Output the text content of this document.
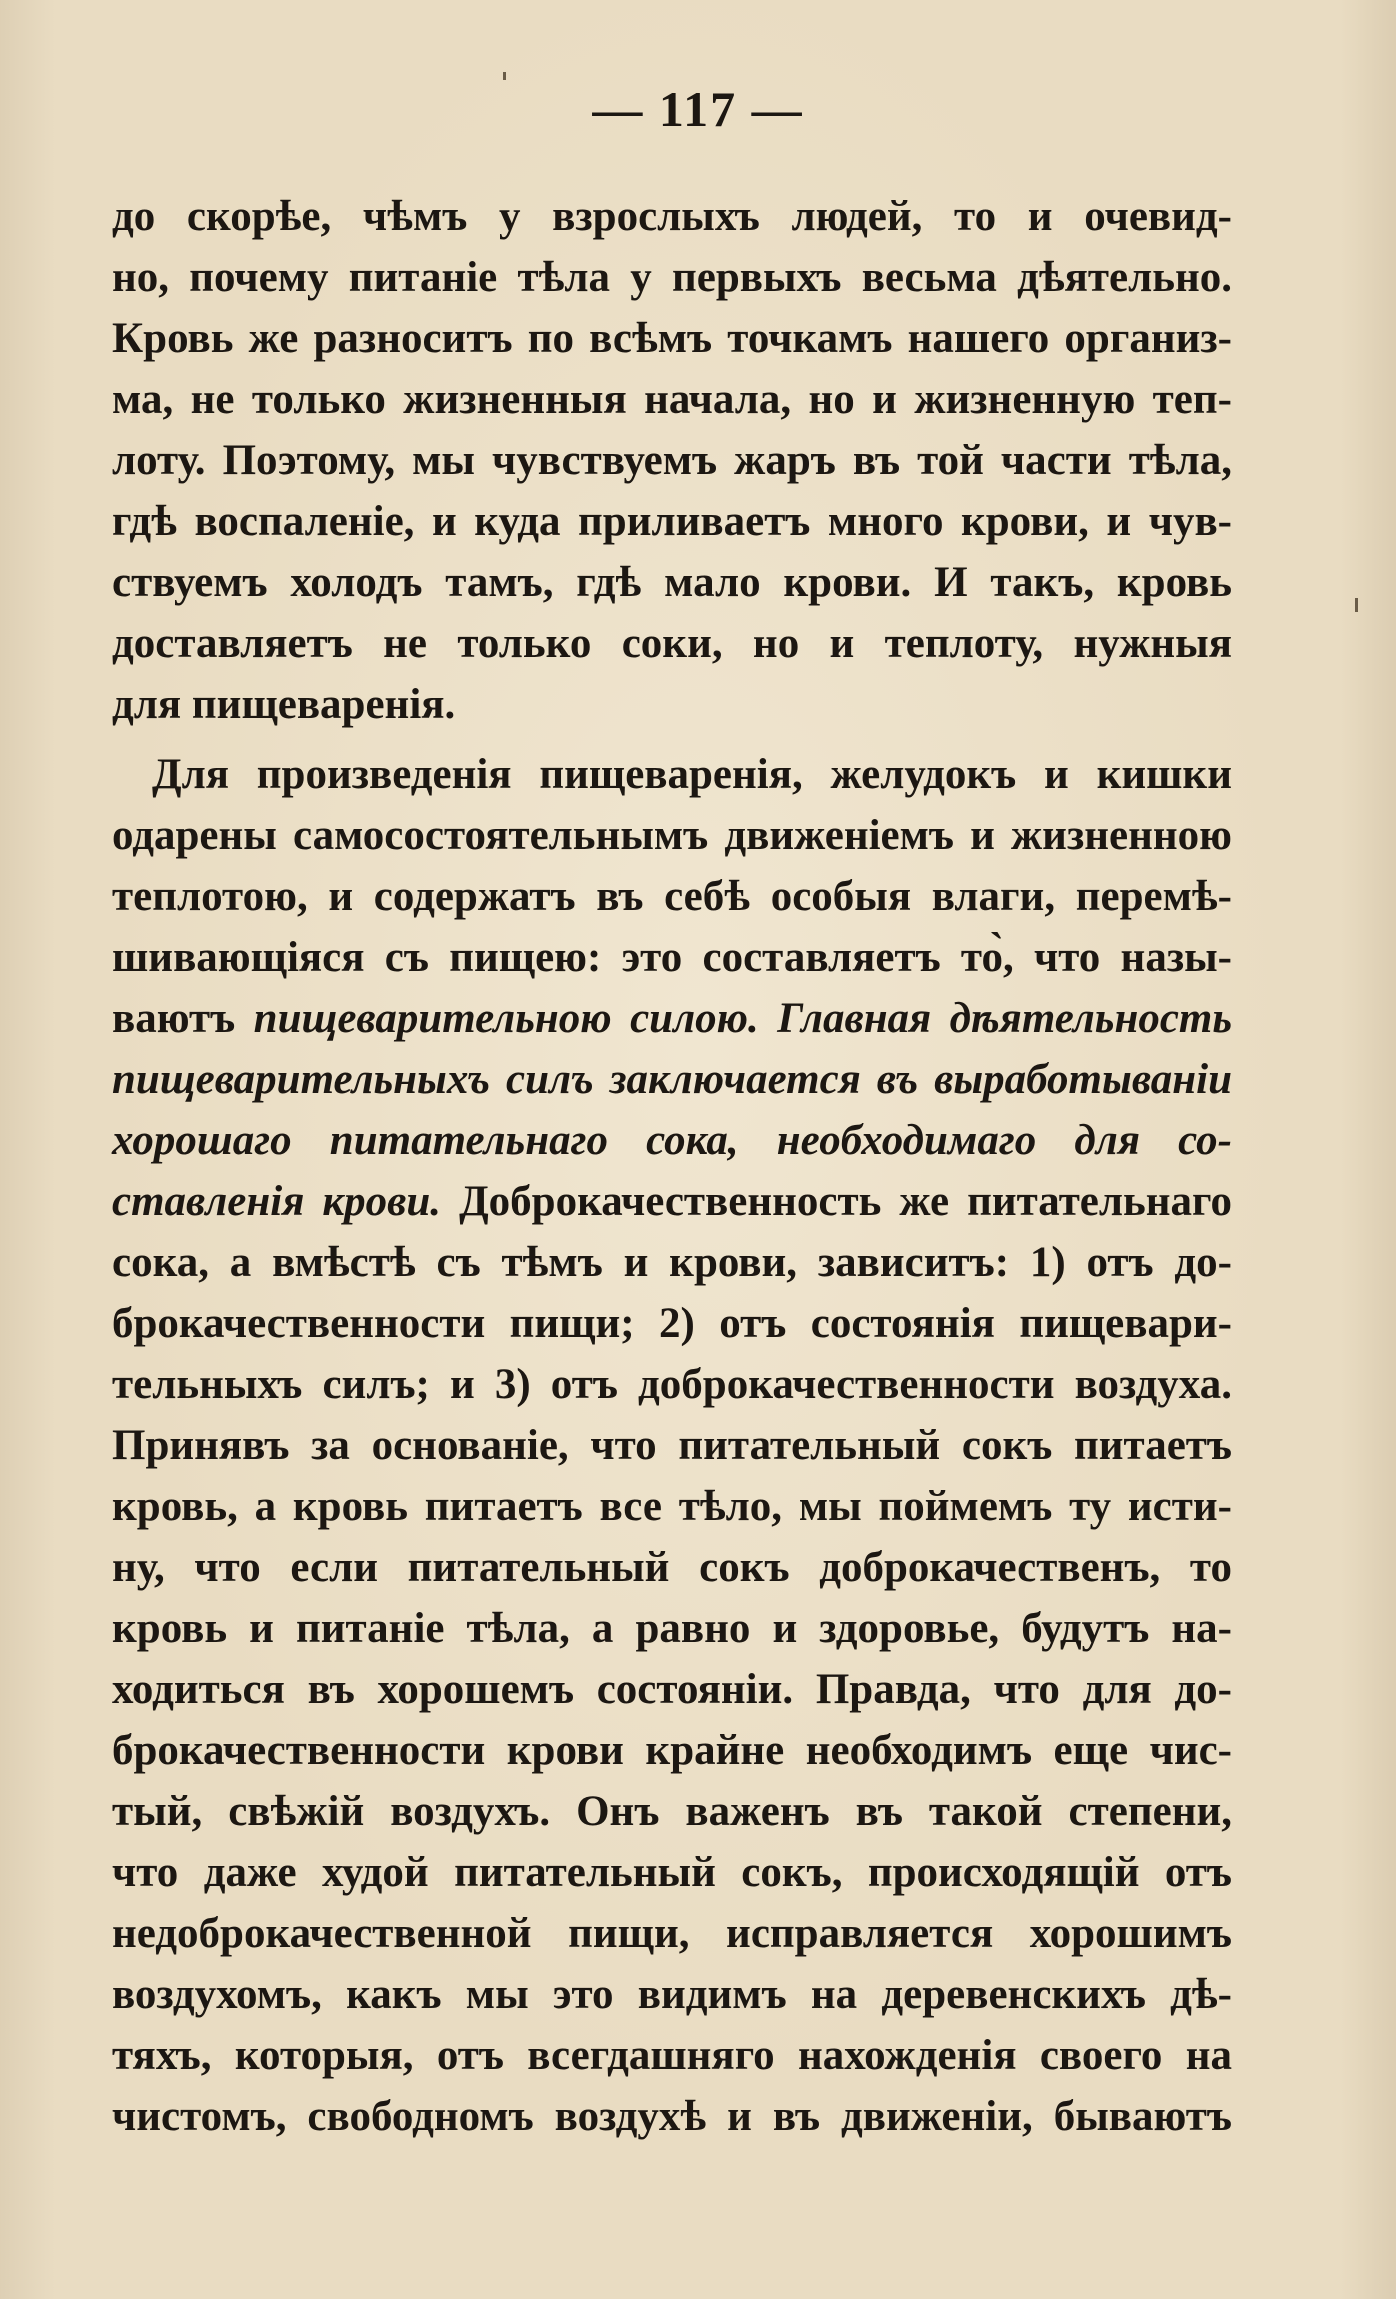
— 117 —
до скорѣе, чѣмъ у взрослыхъ людей, то и очевид-
но, почему питаніе тѣла у первыхъ весьма дѣятельно.
Кровь же разноситъ по всѣмъ точкамъ нашего организ-
ма, не только жизненныя начала, но и жизненную теп-
лоту. Поэтому, мы чувствуемъ жаръ въ той части тѣла,
гдѣ воспаленіе, и куда приливаетъ много крови, и чув-
ствуемъ холодъ тамъ, гдѣ мало крови. И такъ, кровь
доставляетъ не только соки, но и теплоту, нужныя
для пищеваренія.
Для произведенія пищеваренія, желудокъ и кишки
одарены самосостоятельнымъ движеніемъ и жизненною
теплотою, и содержатъ въ себѣ особыя влаги, перемѣ-
шивающіяся съ пищею: это составляетъ то̀, что назы-
ваютъ пищеварительною силою. Главная дѣятельность
пищеварительныхъ силъ заключается въ выработываніи
хорошаго питательнаго сока, необходимаго для со-
ставленія крови. Доброкачественность же питательнаго
сока, а вмѣстѣ съ тѣмъ и крови, зависитъ: 1) отъ до-
брокачественности пищи; 2) отъ состоянія пищевари-
тельныхъ силъ; и 3) отъ доброкачественности воздуха.
Принявъ за основаніе, что питательный сокъ питаетъ
кровь, а кровь питаетъ все тѣло, мы поймемъ ту исти-
ну, что если питательный сокъ доброкачественъ, то
кровь и питаніе тѣла, а равно и здоровье, будутъ на-
ходиться въ хорошемъ состояніи. Правда, что для до-
брокачественности крови крайне необходимъ еще чис-
тый, свѣжій воздухъ. Онъ важенъ въ такой степени,
что даже худой питательный сокъ, происходящій отъ
недоброкачественной пищи, исправляется хорошимъ
воздухомъ, какъ мы это видимъ на деревенскихъ дѣ-
тяхъ, которыя, отъ всегдашняго нахожденія своего на
чистомъ, свободномъ воздухѣ и въ движеніи, бываютъ
